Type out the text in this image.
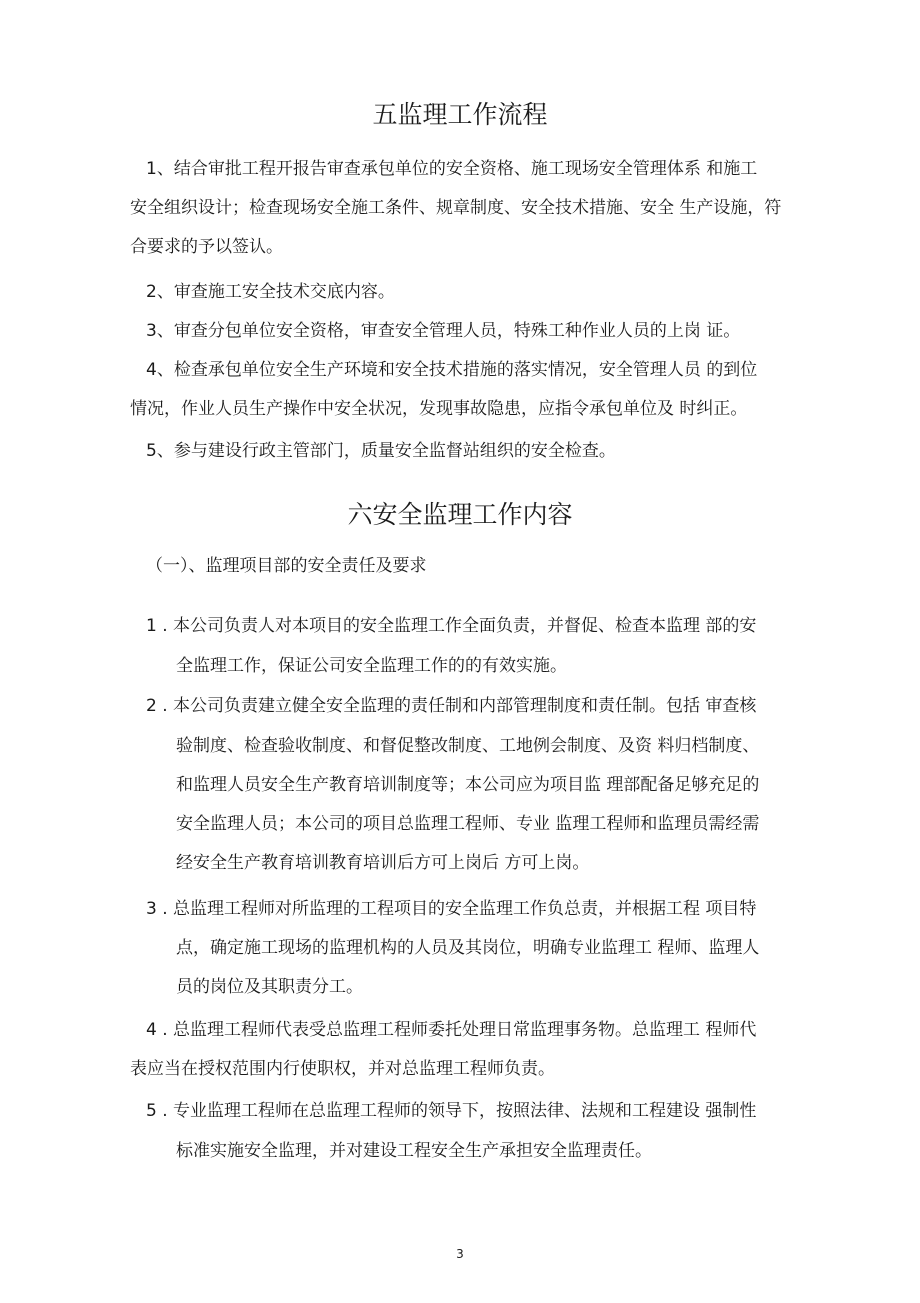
五监理工作流程
1、结合审批工程开报告审查承包单位的安全资格、施工现场安全管理体系 和施工
安全组织设计；检查现场安全施工条件、规章制度、安全技术措施、安全 生产设施，符
合要求的予以签认。
2、审查施工安全技术交底内容。
3、审查分包单位安全资格，审查安全管理人员，特殊工种作业人员的上岗 证。
4、检查承包单位安全生产环境和安全技术措施的落实情况，安全管理人员 的到位
情况，作业人员生产操作中安全状况，发现事故隐患，应指令承包单位及 时纠正。
5、参与建设行政主管部门，质量安全监督站组织的安全检查。
六安全监理工作内容
（一）、监理项目部的安全责任及要求
1 . 本公司负责人对本项目的安全监理工作全面负责，并督促、检查本监理 部的安
全监理工作，保证公司安全监理工作的的有效实施。
2 . 本公司负责建立健全安全监理的责任制和内部管理制度和责任制。包括 审查核
验制度、检查验收制度、和督促整改制度、工地例会制度、及资 料归档制度、
和监理人员安全生产教育培训制度等；本公司应为项目监 理部配备足够充足的
安全监理人员；本公司的项目总监理工程师、专业 监理工程师和监理员需经需
经安全生产教育培训教育培训后方可上岗后 方可上岗。
3 . 总监理工程师对所监理的工程项目的安全监理工作负总责，并根据工程 项目特
点，确定施工现场的监理机构的人员及其岗位，明确专业监理工 程师、监理人
员的岗位及其职责分工。
4 . 总监理工程师代表受总监理工程师委托处理日常监理事务物。总监理工 程师代
表应当在授权范围内行使职权，并对总监理工程师负责。
5 . 专业监理工程师在总监理工程师的领导下，按照法律、法规和工程建设 强制性
标准实施安全监理，并对建设工程安全生产承担安全监理责任。
3
